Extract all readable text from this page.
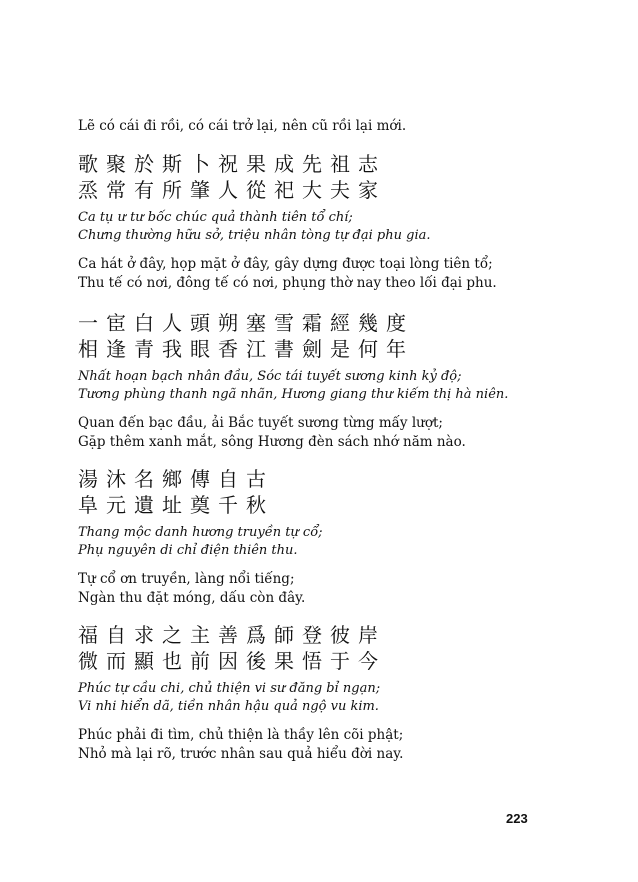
Lẽ có cái đi rồi, có cái trở lại, nên cũ rồi lại mới.
歌聚於斯卜祝果成先祖志
烝常有所肇人從祀大夫家
Ca tụ ư tư bốc chúc quả thành tiên tổ chí;
Chưng thường hữu sở, triệu nhân tòng tự đại phu gia.
Ca hát ở đây, họp mặt ở đây, gây dựng được toại lòng tiên tổ;
Thu tế có nơi, đông tế có nơi, phụng thờ nay theo lối đại phu.
一宦白人頭朔塞雪霜經幾度
相逢青我眼香江書劍是何年
Nhất hoạn bạch nhân đầu, Sóc tái tuyết sương kinh kỷ độ;
Tương phùng thanh ngã nhãn, Hương giang thư kiếm thị hà niên.
Quan đến bạc đầu, ải Bắc tuyết sương từng mấy lượt;
Gặp thêm xanh mắt, sông Hương đèn sách nhớ năm nào.
湯沐名鄉傳自古
阜元遺址奠千秋
Thang mộc danh hương truyền tự cổ;
Phụ nguyên di chỉ điện thiên thu.
Tự cổ ơn truyền, làng nổi tiếng;
Ngàn thu đặt móng, dấu còn đây.
福自求之主善爲師登彼岸
微而顯也前因後果悟于今
Phúc tự cầu chi, chủ thiện vi sư đăng bỉ ngạn;
Vi nhi hiển dã, tiền nhân hậu quả ngộ vu kim.
Phúc phải đi tìm, chủ thiện là thầy lên cõi phật;
Nhỏ mà lại rõ, trước nhân sau quả hiểu đời nay.
223
